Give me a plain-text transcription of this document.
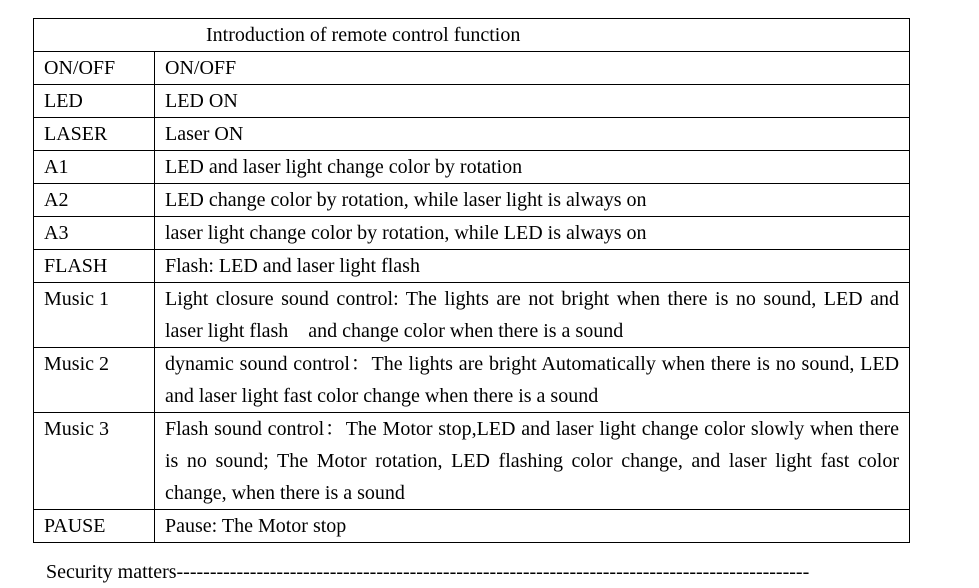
Introduction of remote control function	
ON/OFF	ON/OFF
LED	LED ON
LASER	Laser ON
A1	LED and laser light change color by rotation
A2	LED change color by rotation, while laser light is always on
A3	laser light change color by rotation, while LED is always on
FLASH	Flash: LED and laser light flash
Music 1	Light closure sound control: The lights are not bright when there is no sound, LED and laser light flash    and change color when there is a sound
Music 2	dynamic sound control：The lights are bright Automatically when there is no sound, LED and laser light fast color change when there is a sound
Music 3	Flash sound control：The Motor stop,LED and laser light change color slowly when there is no sound; The Motor rotation, LED flashing color change, and laser light fast color change, when there is a sound
PAUSE	Pause: The Motor stop
Security matters-----------------------------------------------------------------------------------------------
